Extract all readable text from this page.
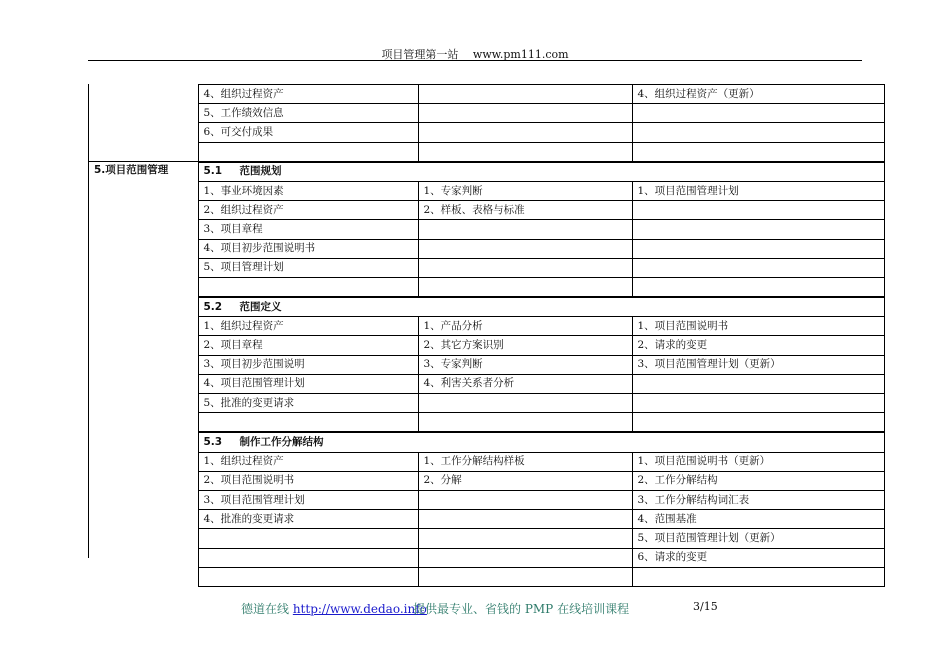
项目管理第一站　 www.pm111.com
	4、组织过程资产		4、组织过程资产（更新）
	5、工作绩效信息		
	6、可交付成果		

5.项目范围管理	5.1 范围规划		
	1、事业环境因素	1、专家判断	1、项目范围管理计划
	2、组织过程资产	2、样板、表格与标准	
	3、项目章程		
	4、项目初步范围说明书		
	5、项目管理计划		

	5.2 范围定义		
	1、组织过程资产	1、产品分析	1、项目范围说明书
	2、项目章程	2、其它方案识别	2、请求的变更
	3、项目初步范围说明	3、专家判断	3、项目范围管理计划（更新）
	4、项目范围管理计划	4、利害关系者分析	
	5、批准的变更请求		

	5.3 制作工作分解结构		
	1、组织过程资产	1、工作分解结构样板	1、项目范围说明书（更新）
	2、项目范围说明书	2、分解	2、工作分解结构
	3、项目范围管理计划		3、工作分解结构词汇表
	4、批准的变更请求		4、范围基准
			5、项目范围管理计划（更新）
			6、请求的变更

德道在线 http://www.dedao.info
提供最专业、省钱的 PMP 在线培训课程	3/15
